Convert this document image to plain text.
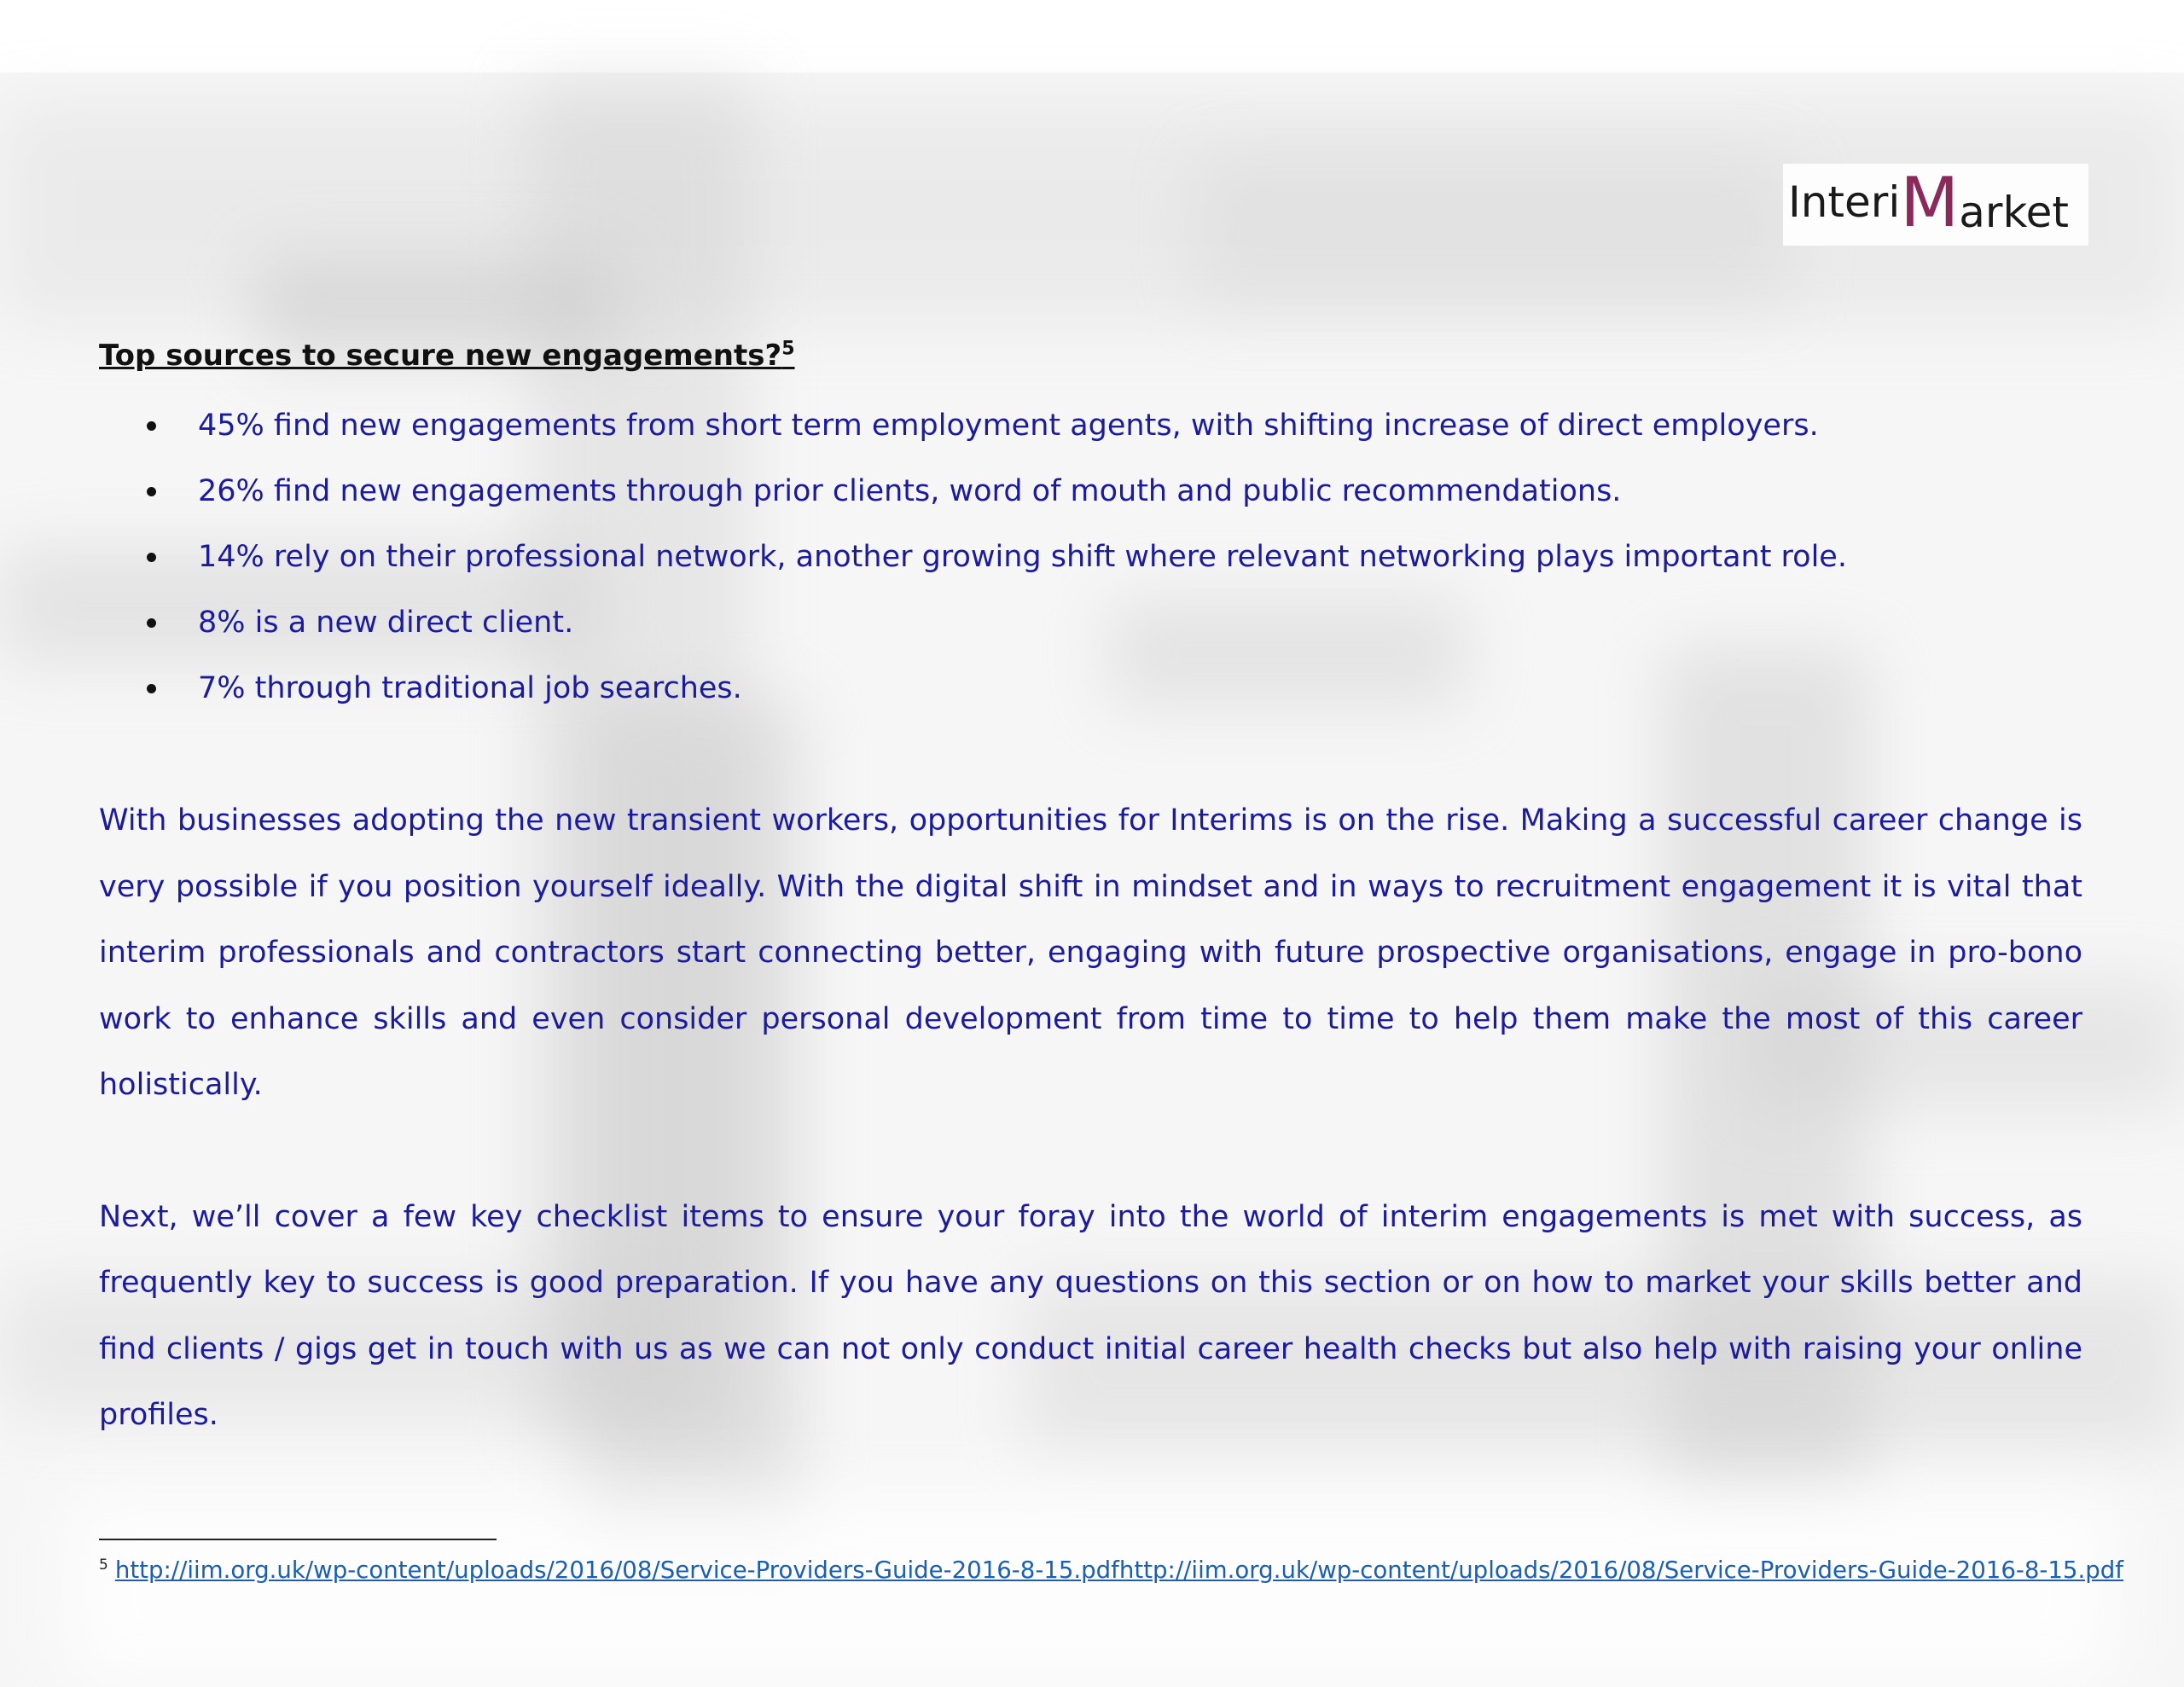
Interi M arket
Top sources to secure new engagements?$^5$
45% find new engagements from short term employment agents, with shifting increase of direct employers.
26% find new engagements through prior clients, word of mouth and public recommendations.
14% rely on their professional network, another growing shift where relevant networking plays important role.
8% is a new direct client.
7% through traditional job searches.

With businesses adopting the new transient workers, opportunities for Interims is on the rise. Making a successful career change is very possible if you position yourself ideally. With the digital shift in mindset and in ways to recruitment engagement it is vital that interim professionals and contractors start connecting better, engaging with future prospective organisations, engage in pro-bono work to enhance skills and even consider personal development from time to time to help them make the most of this career holistically.

Next, we’ll cover a few key checklist items to ensure your foray into the world of interim engagements is met with success, as frequently key to success is good preparation. If you have any questions on this section or on how to market your skills better and find clients / gigs get in touch with us as we can not only conduct initial career health checks but also help with raising your online profiles.

$^5$ http://iim.org.uk/wp-content/uploads/2016/08/Service-Providers-Guide-2016-8-15.pdfhttp://iim.org.uk/wp-content/uploads/2016/08/Service-Providers-Guide-2016-8-15.pdf
